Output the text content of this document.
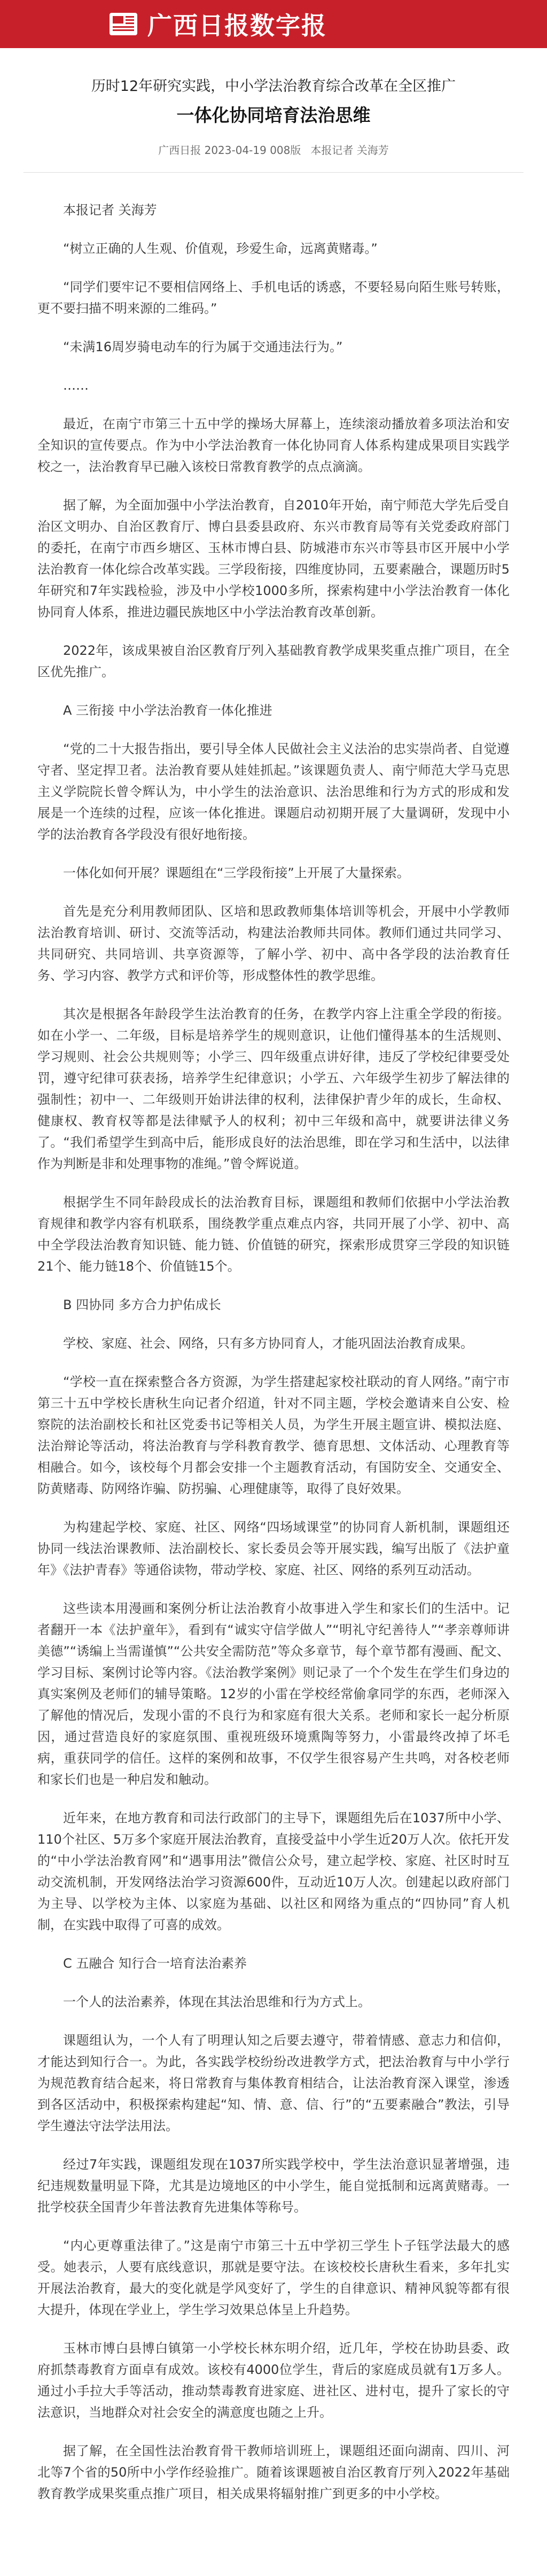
广西日报数字报
历时12年研究实践，中小学法治教育综合改革在全区推广
一体化协同培育法治思维
广西日报 2023-04-19 008版 本报记者 关海芳

本报记者 关海芳

“树立正确的人生观、价值观，珍爱生命，远离黄赌毒。”

“同学们要牢记不要相信网络上、手机电话的诱惑，不要轻易向陌生账号转账，更不要扫描不明来源的二维码。”

“未满16周岁骑电动车的行为属于交通违法行为。”

……

最近，在南宁市第三十五中学的操场大屏幕上，连续滚动播放着多项法治和安全知识的宣传要点。作为中小学法治教育一体化协同育人体系构建成果项目实践学校之一，法治教育早已融入该校日常教育教学的点点滴滴。

据了解，为全面加强中小学法治教育，自2010年开始，南宁师范大学先后受自治区文明办、自治区教育厅、博白县委县政府、东兴市教育局等有关党委政府部门的委托，在南宁市西乡塘区、玉林市博白县、防城港市东兴市等县市区开展中小学法治教育一体化综合改革实践。三学段衔接，四维度协同，五要素融合，课题历时5年研究和7年实践检验，涉及中小学校1000多所，探索构建中小学法治教育一体化协同育人体系，推进边疆民族地区中小学法治教育改革创新。

2022年，该成果被自治区教育厅列入基础教育教学成果奖重点推广项目，在全区优先推广。

A 三衔接 中小学法治教育一体化推进

“党的二十大报告指出，要引导全体人民做社会主义法治的忠实崇尚者、自觉遵守者、坚定捍卫者。法治教育要从娃娃抓起。”该课题负责人、南宁师范大学马克思主义学院院长曾令辉认为，中小学生的法治意识、法治思维和行为方式的形成和发展是一个连续的过程，应该一体化推进。课题启动初期开展了大量调研，发现中小学的法治教育各学段没有很好地衔接。

一体化如何开展？课题组在“三学段衔接”上开展了大量探索。

首先是充分利用教师团队、区培和思政教师集体培训等机会，开展中小学教师法治教育培训、研讨、交流等活动，构建法治教师共同体。教师们通过共同学习、共同研究、共同培训、共享资源等，了解小学、初中、高中各学段的法治教育任务、学习内容、教学方式和评价等，形成整体性的教学思维。

其次是根据各年龄段学生法治教育的任务，在教学内容上注重全学段的衔接。如在小学一、二年级，目标是培养学生的规则意识，让他们懂得基本的生活规则、学习规则、社会公共规则等；小学三、四年级重点讲好律，违反了学校纪律要受处罚，遵守纪律可获表扬，培养学生纪律意识；小学五、六年级学生初步了解法律的强制性；初中一、二年级则开始讲法律的权利，法律保护青少年的成长，生命权、健康权、教育权等都是法律赋予人的权利；初中三年级和高中，就要讲法律义务了。“我们希望学生到高中后，能形成良好的法治思维，即在学习和生活中，以法律作为判断是非和处理事物的准绳。”曾令辉说道。

根据学生不同年龄段成长的法治教育目标，课题组和教师们依据中小学法治教育规律和教学内容有机联系，围绕教学重点难点内容，共同开展了小学、初中、高中全学段法治教育知识链、能力链、价值链的研究，探索形成贯穿三学段的知识链21个、能力链18个、价值链15个。

B 四协同 多方合力护佑成长

学校、家庭、社会、网络，只有多方协同育人，才能巩固法治教育成果。

“学校一直在探索整合各方资源，为学生搭建起家校社联动的育人网络。”南宁市第三十五中学校长唐秋生向记者介绍道，针对不同主题，学校会邀请来自公安、检察院的法治副校长和社区党委书记等相关人员，为学生开展主题宣讲、模拟法庭、法治辩论等活动，将法治教育与学科教育教学、德育思想、文体活动、心理教育等相融合。如今，该校每个月都会安排一个主题教育活动，有国防安全、交通安全、防黄赌毒、防网络诈骗、防拐骗、心理健康等，取得了良好效果。

为构建起学校、家庭、社区、网络“四场域课堂”的协同育人新机制，课题组还协同一线法治课教师、法治副校长、家长委员会等开展实践，编写出版了《法护童年》《法护青春》等通俗读物，带动学校、家庭、社区、网络的系列互动活动。

这些读本用漫画和案例分析让法治教育小故事进入学生和家长们的生活中。记者翻开一本《法护童年》，看到有“诚实守信学做人”“明礼守纪善待人”“孝亲尊师讲美德”“诱编上当需谨慎”“公共安全需防范”等众多章节，每个章节都有漫画、配文、学习目标、案例讨论等内容。《法治教学案例》则记录了一个个发生在学生们身边的真实案例及老师们的辅导策略。12岁的小雷在学校经常偷拿同学的东西，老师深入了解他的情况后，发现小雷的不良行为和家庭有很大关系。老师和家长一起分析原因，通过营造良好的家庭氛围、重视班级环境熏陶等努力，小雷最终改掉了坏毛病，重获同学的信任。这样的案例和故事，不仅学生很容易产生共鸣，对各校老师和家长们也是一种启发和触动。

近年来，在地方教育和司法行政部门的主导下，课题组先后在1037所中小学、110个社区、5万多个家庭开展法治教育，直接受益中小学生近20万人次。依托开发的“中小学法治教育网”和“遇事用法”微信公众号，建立起学校、家庭、社区时时互动交流机制，开发网络法治学习资源600件，互动近10万人次。创建起以政府部门为主导、以学校为主体、以家庭为基础、以社区和网络为重点的“四协同”育人机制，在实践中取得了可喜的成效。

C 五融合 知行合一培育法治素养

一个人的法治素养，体现在其法治思维和行为方式上。

课题组认为，一个人有了明理认知之后要去遵守，带着情感、意志力和信仰，才能达到知行合一。为此，各实践学校纷纷改进教学方式，把法治教育与中小学行为规范教育结合起来，将日常教育与集体教育相结合，让法治教育深入课堂，渗透到各区活动中，积极探索构建起“知、情、意、信、行”的“五要素融合”教法，引导学生遵法守法学法用法。

经过7年实践，课题组发现在1037所实践学校中，学生法治意识显著增强，违纪违规数量明显下降，尤其是边境地区的中小学生，能自觉抵制和远离黄赌毒。一批学校获全国青少年普法教育先进集体等称号。

“内心更尊重法律了。”这是南宁市第三十五中学初三学生卜子钰学法最大的感受。她表示，人要有底线意识，那就是要守法。在该校校长唐秋生看来，多年扎实开展法治教育，最大的变化就是学风变好了，学生的自律意识、精神风貌等都有很大提升，体现在学业上，学生学习效果总体呈上升趋势。

玉林市博白县博白镇第一小学校长林东明介绍，近几年，学校在协助县委、政府抓禁毒教育方面卓有成效。该校有4000位学生，背后的家庭成员就有1万多人。通过小手拉大手等活动，推动禁毒教育进家庭、进社区、进村屯，提升了家长的守法意识，当地群众对社会安全的满意度也随之上升。

据了解，在全国性法治教育骨干教师培训班上，课题组还面向湖南、四川、河北等7个省的50所中小学作经验推广。随着该课题被自治区教育厅列入2022年基础教育教学成果奖重点推广项目，相关成果将辐射推广到更多的中小学校。
